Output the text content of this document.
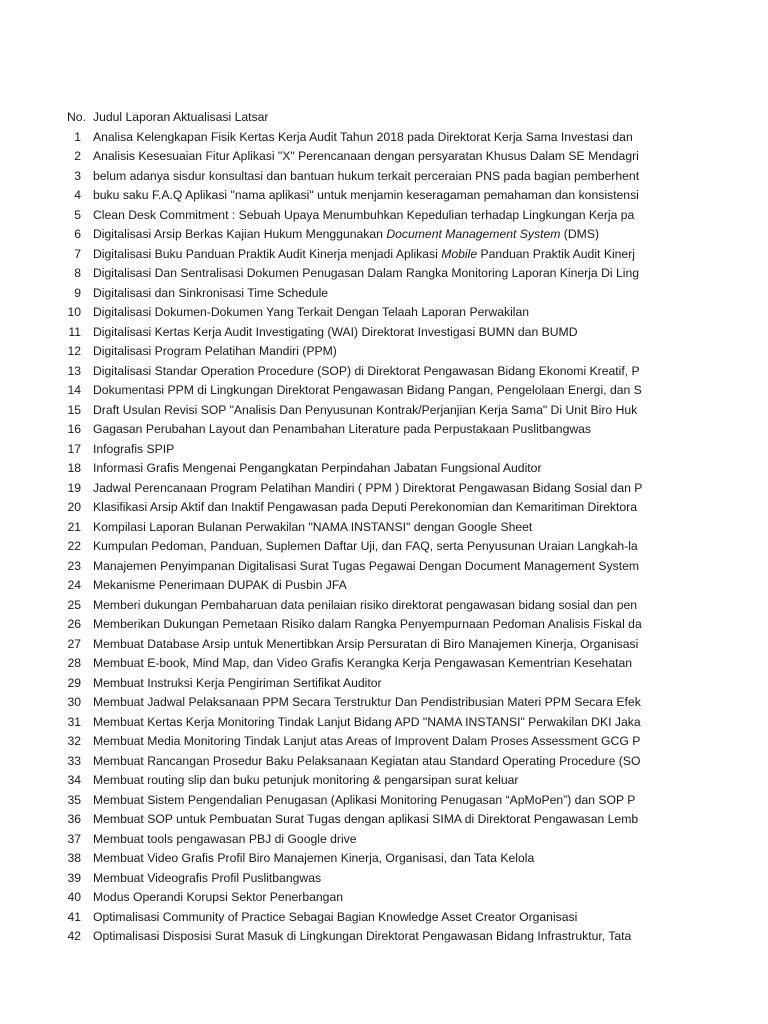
No. Judul Laporan Aktualisasi Latsar
1 Analisa Kelengkapan Fisik Kertas Kerja Audit Tahun 2018 pada Direktorat Kerja Sama Investasi dan
2 Analisis Kesesuaian Fitur Aplikasi "X" Perencanaan dengan persyaratan Khusus Dalam SE Mendagri
3 belum adanya sisdur konsultasi dan bantuan hukum terkait perceraian PNS pada bagian pemberhent
4 buku saku F.A.Q Aplikasi "nama aplikasi" untuk menjamin keseragaman pemahaman dan konsistensi
5 Clean Desk Commitment : Sebuah Upaya Menumbuhkan Kepedulian terhadap Lingkungan Kerja pa
6 Digitalisasi Arsip Berkas Kajian Hukum Menggunakan Document Management System (DMS)
7 Digitalisasi Buku Panduan Praktik Audit Kinerja menjadi Aplikasi Mobile Panduan Praktik Audit Kinerj
8 Digitalisasi Dan Sentralisasi Dokumen Penugasan Dalam Rangka Monitoring Laporan Kinerja Di Ling
9 Digitalisasi dan Sinkronisasi Time Schedule
10 Digitalisasi Dokumen-Dokumen Yang Terkait Dengan Telaah Laporan Perwakilan
11 Digitalisasi Kertas Kerja Audit Investigating (WAI) Direktorat Investigasi BUMN dan BUMD
12 Digitalisasi Program Pelatihan Mandiri (PPM)
13 Digitalisasi Standar Operation Procedure (SOP) di Direktorat Pengawasan Bidang Ekonomi Kreatif, P
14 Dokumentasi PPM di Lingkungan Direktorat Pengawasan Bidang Pangan, Pengelolaan Energi, dan S
15 Draft Usulan Revisi SOP "Analisis Dan Penyusunan Kontrak/Perjanjian Kerja Sama" Di Unit Biro Huk
16 Gagasan Perubahan Layout dan Penambahan Literature pada Perpustakaan Puslitbangwas
17 Infografis SPIP
18 Informasi Grafis Mengenai Pengangkatan Perpindahan Jabatan Fungsional Auditor
19 Jadwal Perencanaan Program Pelatihan Mandiri ( PPM ) Direktorat Pengawasan Bidang Sosial dan P
20 Klasifikasi Arsip Aktif dan Inaktif Pengawasan pada Deputi Perekonomian dan Kemaritiman Direktora
21 Kompilasi Laporan Bulanan Perwakilan "NAMA INSTANSI" dengan Google Sheet
22 Kumpulan Pedoman, Panduan, Suplemen Daftar Uji, dan FAQ, serta Penyusunan Uraian Langkah-la
23 Manajemen Penyimpanan Digitalisasi Surat Tugas Pegawai Dengan Document Management System
24 Mekanisme Penerimaan DUPAK di Pusbin JFA
25 Memberi dukungan Pembaharuan data penilaian risiko direktorat pengawasan bidang sosial dan pen
26 Memberikan Dukungan Pemetaan Risiko dalam Rangka Penyempurnaan Pedoman Analisis Fiskal da
27 Membuat Database Arsip untuk Menertibkan Arsip Persuratan di Biro Manajemen Kinerja, Organisasi
28 Membuat E-book, Mind Map, dan Video Grafis Kerangka Kerja Pengawasan Kementrian Kesehatan
29 Membuat Instruksi Kerja Pengiriman Sertifikat Auditor
30 Membuat Jadwal Pelaksanaan PPM Secara Terstruktur Dan Pendistribusian Materi PPM Secara Efek
31 Membuat Kertas Kerja Monitoring Tindak Lanjut Bidang APD "NAMA INSTANSI" Perwakilan DKI Jaka
32 Membuat Media Monitoring Tindak Lanjut atas Areas of Improvent Dalam Proses Assessment GCG P
33 Membuat Rancangan Prosedur Baku Pelaksanaan Kegiatan atau Standard Operating Procedure (SO
34 Membuat routing slip dan buku petunjuk monitoring & pengarsipan surat keluar
35 Membuat Sistem Pengendalian Penugasan (Aplikasi Monitoring Penugasan “ApMoPen”) dan SOP P
36 Membuat SOP untuk Pembuatan Surat Tugas dengan aplikasi SIMA di Direktorat Pengawasan Lemb
37 Membuat tools pengawasan PBJ di Google drive
38 Membuat Video Grafis Profil Biro Manajemen Kinerja, Organisasi, dan Tata Kelola
39 Membuat Videografis Profil Puslitbangwas
40 Modus Operandi Korupsi Sektor Penerbangan
41 Optimalisasi Community of Practice Sebagai Bagian Knowledge Asset Creator Organisasi
42 Optimalisasi Disposisi Surat Masuk di Lingkungan Direktorat Pengawasan Bidang Infrastruktur, Tata
